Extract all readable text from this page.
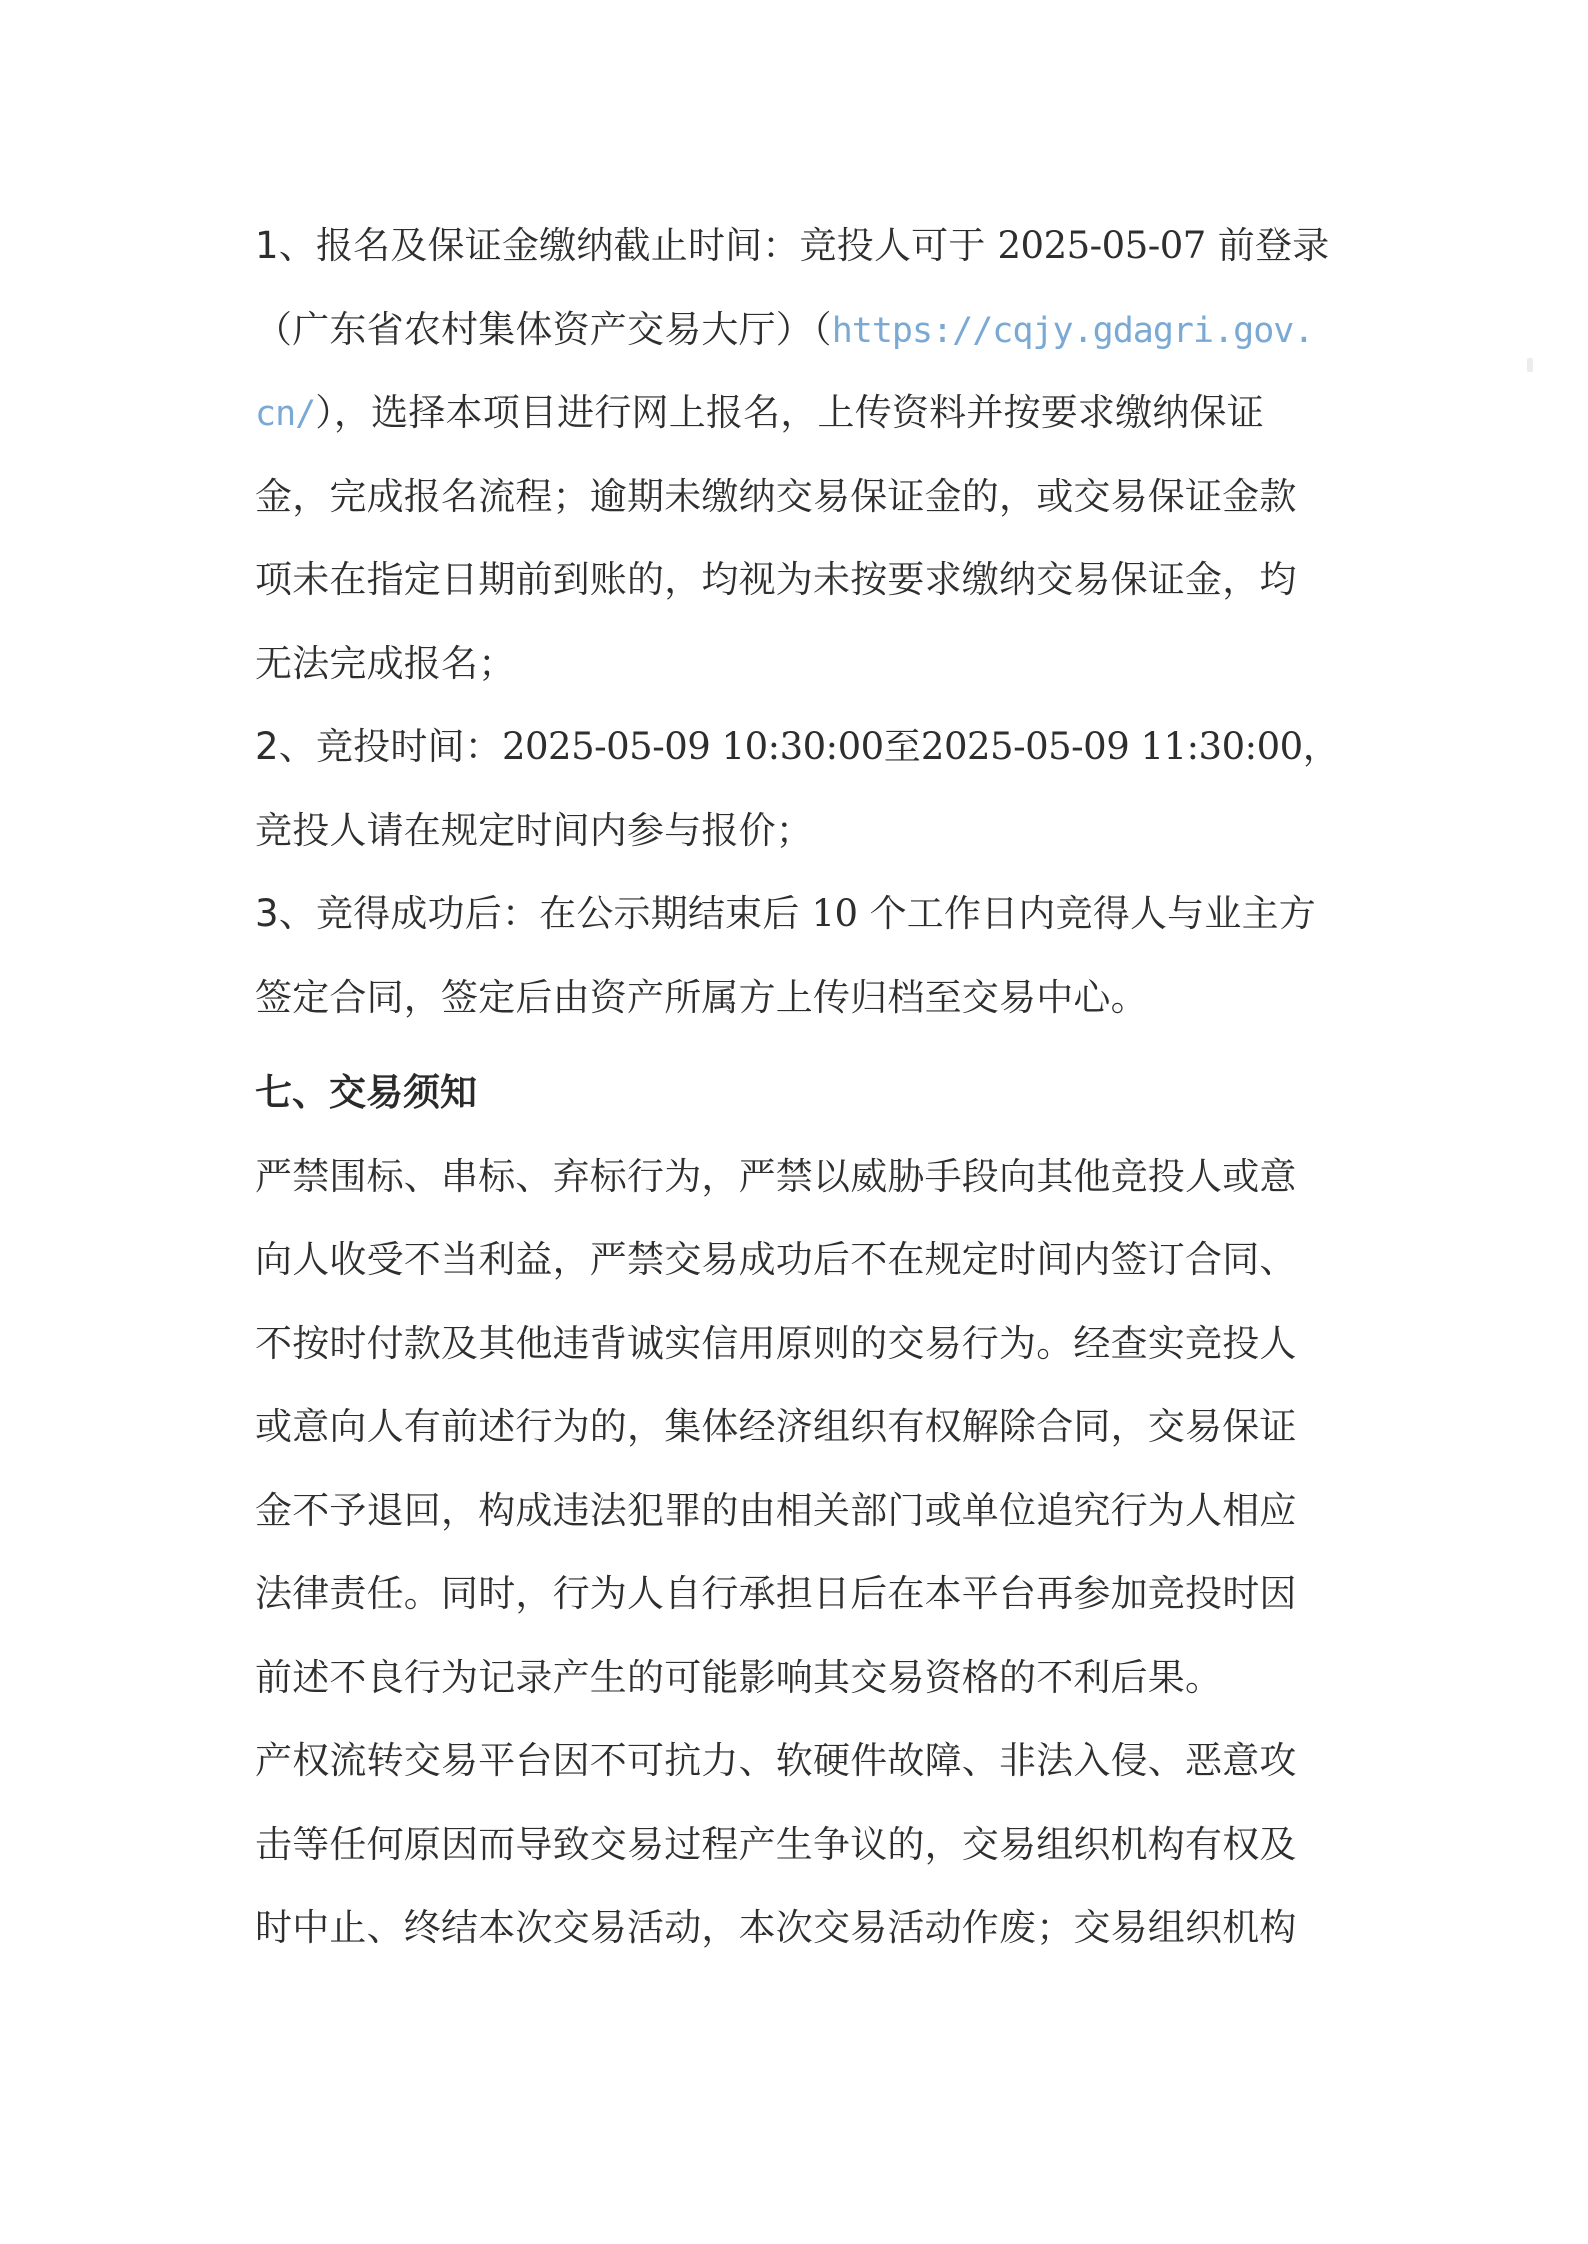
1、报名及保证金缴纳截止时间：竞投人可于 2025-05-07 前登录
（广东省农村集体资产交易大厅）（https://cqjy.gdagri.gov.
cn/），选择本项目进行网上报名，上传资料并按要求缴纳保证
金，完成报名流程；逾期未缴纳交易保证金的，或交易保证金款
项未在指定日期前到账的，均视为未按要求缴纳交易保证金，均
无法完成报名；
2、竞投时间：2025-05-09 10:30:00至2025-05-09 11:30:00，
竞投人请在规定时间内参与报价；
3、竞得成功后：在公示期结束后 10 个工作日内竞得人与业主方
签定合同，签定后由资产所属方上传归档至交易中心。
七、交易须知
严禁围标、串标、弃标行为，严禁以威胁手段向其他竞投人或意
向人收受不当利益，严禁交易成功后不在规定时间内签订合同、
不按时付款及其他违背诚实信用原则的交易行为。经查实竞投人
或意向人有前述行为的，集体经济组织有权解除合同，交易保证
金不予退回，构成违法犯罪的由相关部门或单位追究行为人相应
法律责任。同时，行为人自行承担日后在本平台再参加竞投时因
前述不良行为记录产生的可能影响其交易资格的不利后果。
产权流转交易平台因不可抗力、软硬件故障、非法入侵、恶意攻
击等任何原因而导致交易过程产生争议的，交易组织机构有权及
时中止、终结本次交易活动，本次交易活动作废；交易组织机构
